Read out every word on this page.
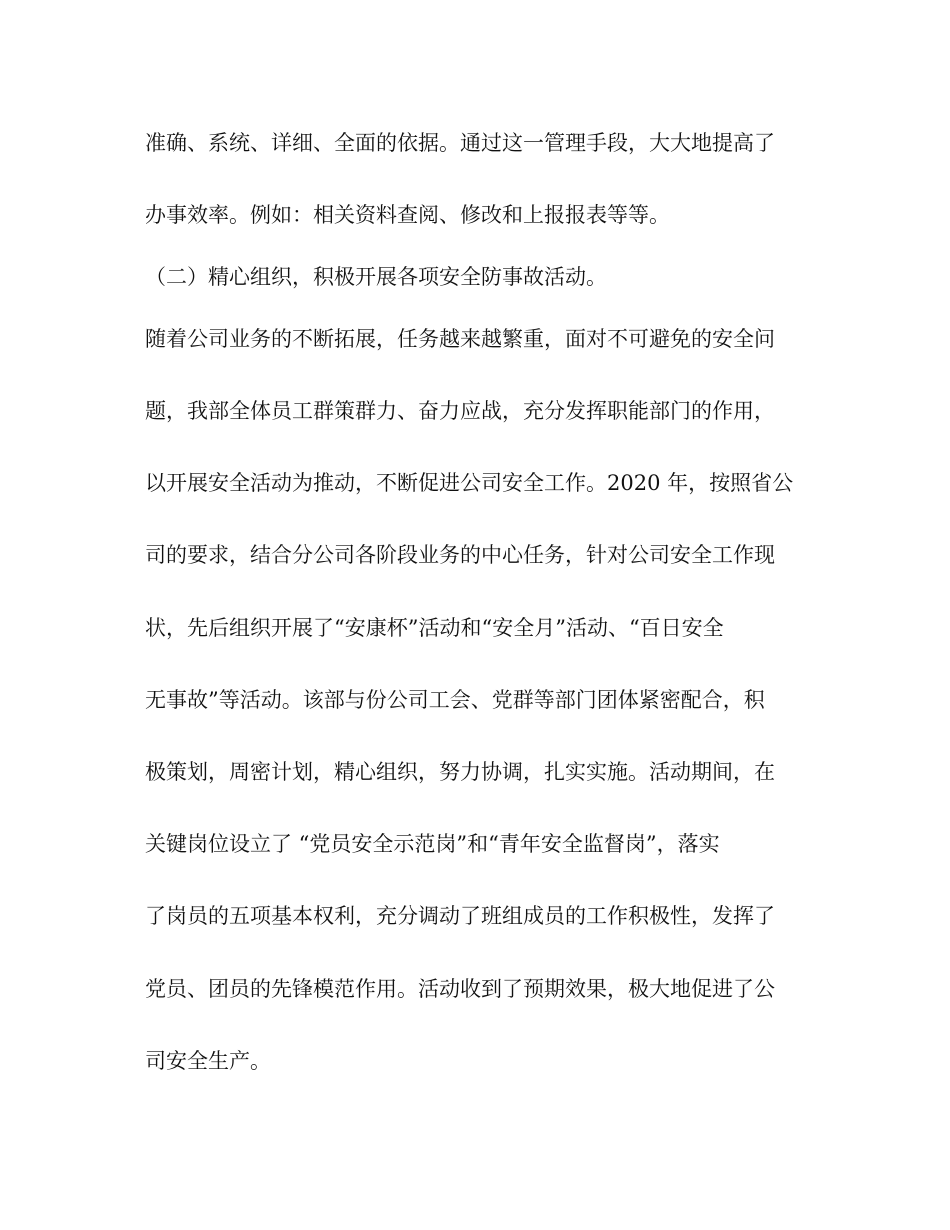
准确、系统、详细、全面的依据。通过这一管理手段，大大地提高了
办事效率。例如：相关资料查阅、修改和上报报表等等。
（二）精心组织，积极开展各项安全防事故活动。
随着公司业务的不断拓展，任务越来越繁重，面对不可避免的安全问
题，我部全体员工群策群力、奋力应战，充分发挥职能部门的作用，
以开展安全活动为推动，不断促进公司安全工作。2020 年，按照省公
司的要求，结合分公司各阶段业务的中心任务，针对公司安全工作现
状，先后组织开展了“安康杯”活动和“安全月”活动、“百日安全
无事故”等活动。该部与份公司工会、党群等部门团体紧密配合，积
极策划，周密计划，精心组织，努力协调，扎实实施。活动期间，在
关键岗位设立了 “党员安全示范岗”和“青年安全监督岗”，落实
了岗员的五项基本权利，充分调动了班组成员的工作积极性，发挥了
党员、团员的先锋模范作用。活动收到了预期效果，极大地促进了公
司安全生产。
